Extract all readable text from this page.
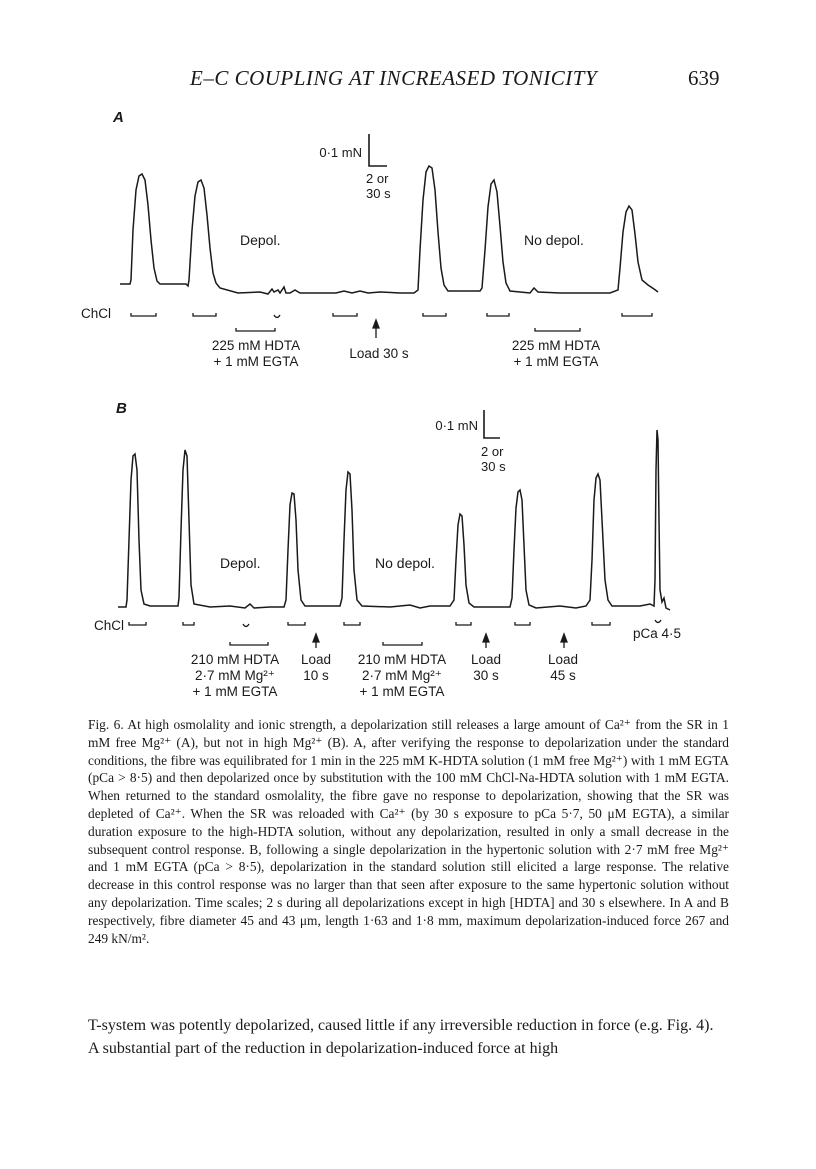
E–C COUPLING AT INCREASED TONICITY	639
A
0·1 mN
2 or
30 s
ChCl
Depol.	No depol.
225 mM HDTA
+ 1 mM EGTA
Load 30 s
225 mM HDTA
+ 1 mM EGTA
B
0·1 mN
2 or
30 s
ChCl
Depol.	No depol.
pCa 4·5
210 mM HDTA
2·7 mM Mg²⁺
+ 1 mM EGTA
Load
10 s
210 mM HDTA
2·7 mM Mg²⁺
+ 1 mM EGTA
Load
30 s
Load
45 s
Fig. 6. At high osmolality and ionic strength, a depolarization still releases a large amount of Ca²⁺ from the SR in 1 mM free Mg²⁺ (A), but not in high Mg²⁺ (B). A, after verifying the response to depolarization under the standard conditions, the fibre was equilibrated for 1 min in the 225 mM K-HDTA solution (1 mM free Mg²⁺) with 1 mM EGTA (pCa > 8·5) and then depolarized once by substitution with the 100 mM ChCl-Na-HDTA solution with 1 mM EGTA. When returned to the standard osmolality, the fibre gave no response to depolarization, showing that the SR was depleted of Ca²⁺. When the SR was reloaded with Ca²⁺ (by 30 s exposure to pCa 5·7, 50 μM EGTA), a similar duration exposure to the high-HDTA solution, without any depolarization, resulted in only a small decrease in the subsequent control response. B, following a single depolarization in the hypertonic solution with 2·7 mM free Mg²⁺ and 1 mM EGTA (pCa > 8·5), depolarization in the standard solution still elicited a large response. The relative decrease in this control response was no larger than that seen after exposure to the same hypertonic solution without any depolarization. Time scales; 2 s during all depolarizations except in high [HDTA] and 30 s elsewhere. In A and B respectively, fibre diameter 45 and 43 μm, length 1·63 and 1·8 mm, maximum depolarization-induced force 267 and 249 kN/m².

T-system was potently depolarized, caused little if any irreversible reduction in force (e.g. Fig. 4).

A substantial part of the reduction in depolarization-induced force at high
